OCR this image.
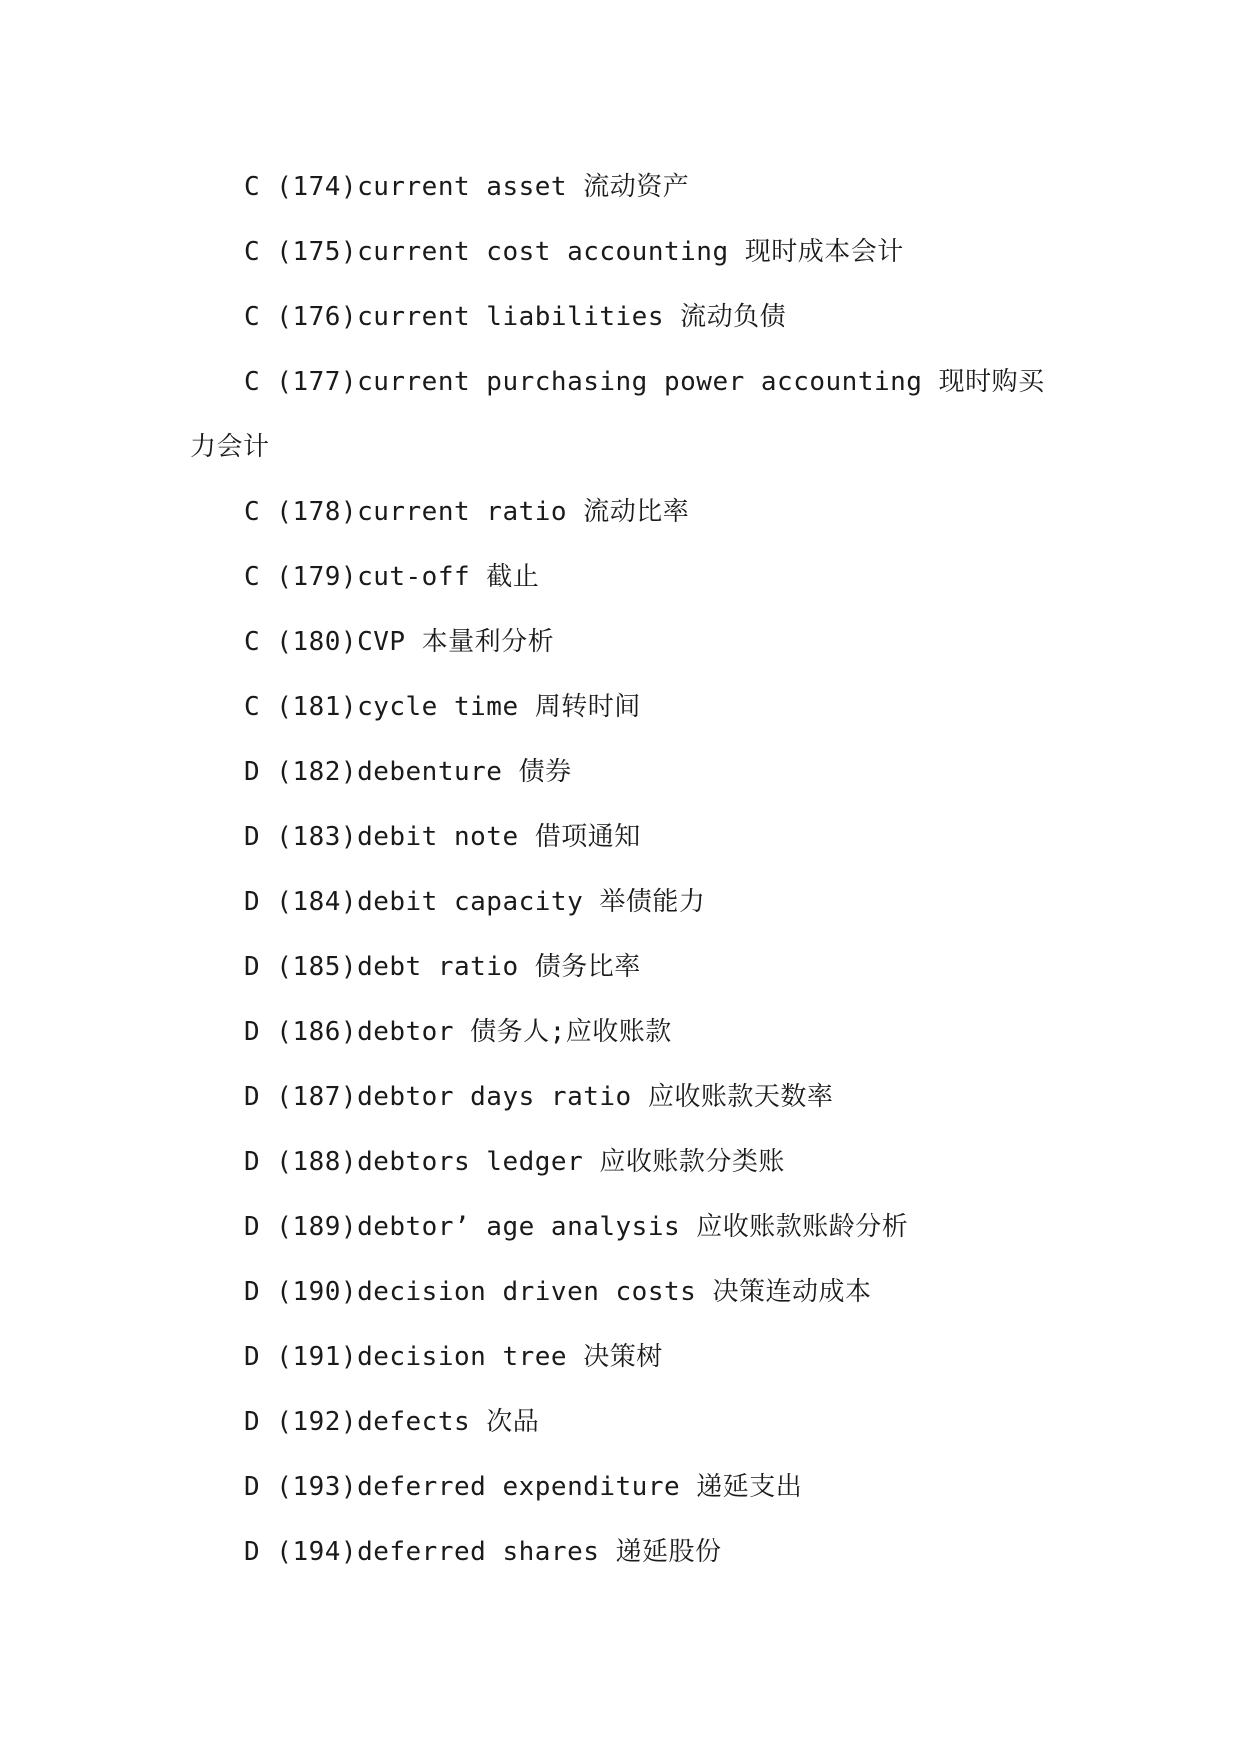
C (174)current asset 流动资产
C (175)current cost accounting 现时成本会计
C (176)current liabilities 流动负债
C (177)current purchasing power accounting 现时购买力会计
C (178)current ratio 流动比率
C (179)cut-off 截止
C (180)CVP 本量利分析
C (181)cycle time 周转时间
D (182)debenture 债券
D (183)debit note 借项通知
D (184)debit capacity 举债能力
D (185)debt ratio 债务比率
D (186)debtor 债务人;应收账款
D (187)debtor days ratio 应收账款天数率
D (188)debtors ledger 应收账款分类账
D (189)debtor’ age analysis 应收账款账龄分析
D (190)decision driven costs 决策连动成本
D (191)decision tree 决策树
D (192)defects 次品
D (193)deferred expenditure 递延支出
D (194)deferred shares 递延股份
